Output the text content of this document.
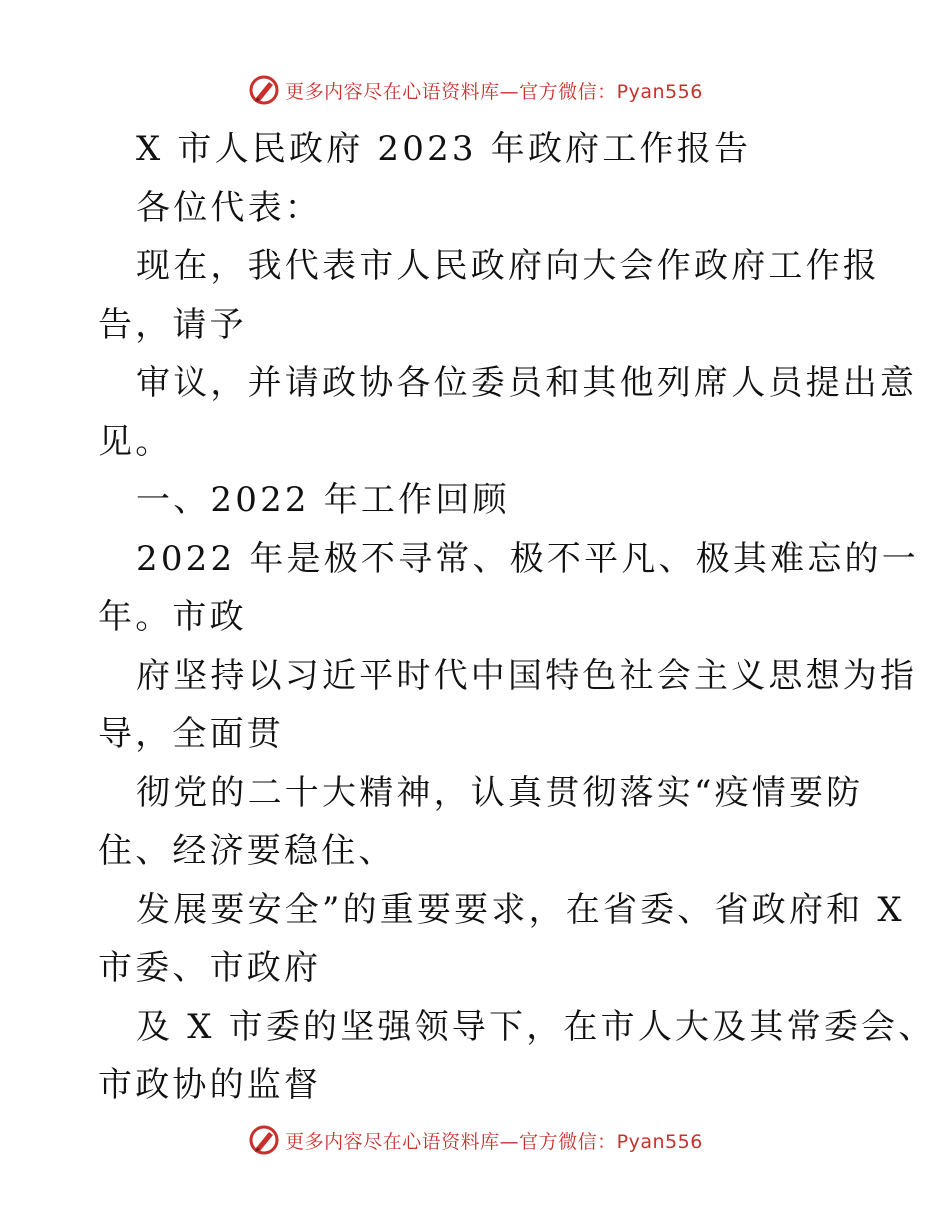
更多内容尽在心语资料库—官方微信：Pyan556
X 市人民政府 2023 年政府工作报告
各位代表：
现在，我代表市人民政府向大会作政府工作报
告，请予
审议，并请政协各位委员和其他列席人员提出意
见。
一、2022 年工作回顾
2022 年是极不寻常、极不平凡、极其难忘的一
年。市政
府坚持以习近平时代中国特色社会主义思想为指
导，全面贯
彻党的二十大精神，认真贯彻落实“疫情要防
住、经济要稳住、
发展要安全”的重要要求，在省委、省政府和 X
市委、市政府
及 X 市委的坚强领导下，在市人大及其常委会、
市政协的监督
更多内容尽在心语资料库—官方微信：Pyan556
